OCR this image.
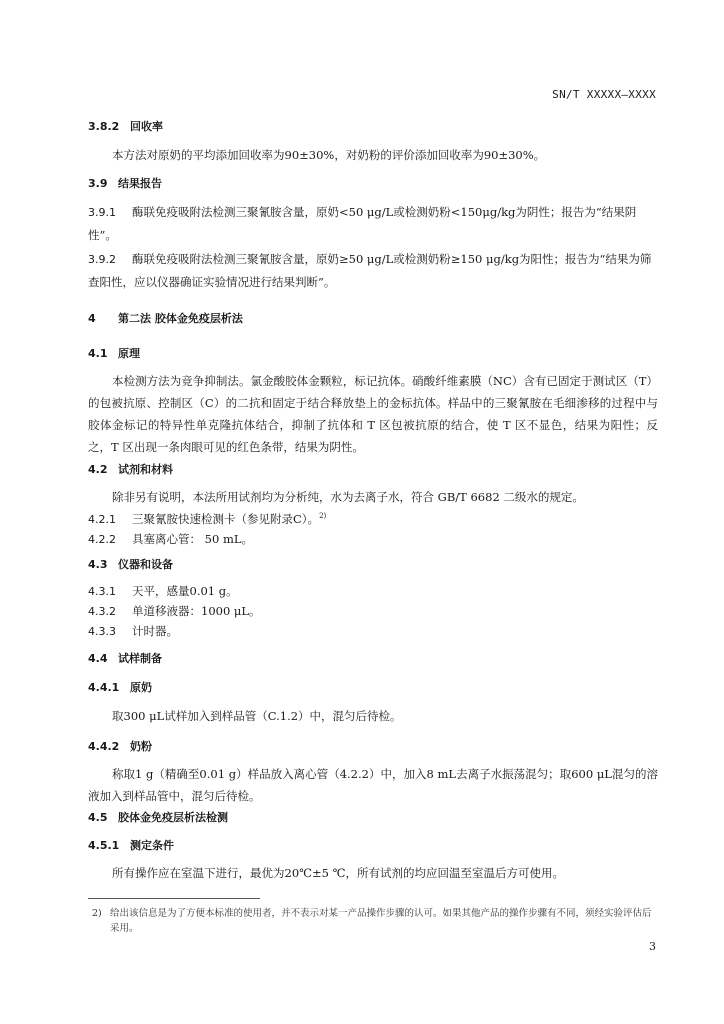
SN/T XXXXX—XXXX
3.8.2 回收率
本方法对原奶的平均添加回收率为90±30%，对奶粉的评价添加回收率为90±30%。
3.9 结果报告
3.9.1 酶联免疫吸附法检测三聚氰胺含量，原奶<50 μg/L或检测奶粉<150μg/kg为阴性；报告为“结果阴性”。
3.9.2 酶联免疫吸附法检测三聚氰胺含量，原奶≥50 μg/L或检测奶粉≥150 μg/kg为阳性；报告为“结果为筛查阳性，应以仪器确证实验情况进行结果判断”。
4 第二法 胶体金免疫层析法
4.1 原理
本检测方法为竞争抑制法。氯金酸胶体金颗粒，标记抗体。硝酸纤维素膜（NC）含有已固定于测试区（T）的包被抗原、控制区（C）的二抗和固定于结合释放垫上的金标抗体。样品中的三聚氰胺在毛细渗移的过程中与胶体金标记的特异性单克隆抗体结合，抑制了抗体和 T 区包被抗原的结合，使 T 区不显色，结果为阳性；反之，T 区出现一条肉眼可见的红色条带，结果为阴性。
4.2 试剂和材料
除非另有说明，本法所用试剂均为分析纯，水为去离子水，符合 GB/T 6682 二级水的规定。
4.2.1 三聚氰胺快速检测卡（参见附录C）。$^{2)}$
4.2.2 具塞离心管： 50 mL。
4.3 仪器和设备
4.3.1 天平，感量0.01 g。
4.3.2 单道移液器：1000 μL。
4.3.3 计时器。
4.4 试样制备
4.4.1 原奶
取300 μL试样加入到样品管（C.1.2）中，混匀后待检。
4.4.2 奶粉
称取1 g（精确至0.01 g）样品放入离心管（4.2.2）中，加入8 mL去离子水振荡混匀；取600 μL混匀的溶液加入到样品管中，混匀后待检。
4.5 胶体金免疫层析法检测
4.5.1 测定条件
所有操作应在室温下进行，最优为20℃±5 ℃，所有试剂的均应回温至室温后方可使用。
2) 给出该信息是为了方便本标准的使用者，并不表示对某一产品操作步骤的认可。如果其他产品的操作步骤有不同，须经实验评估后采用。
3
